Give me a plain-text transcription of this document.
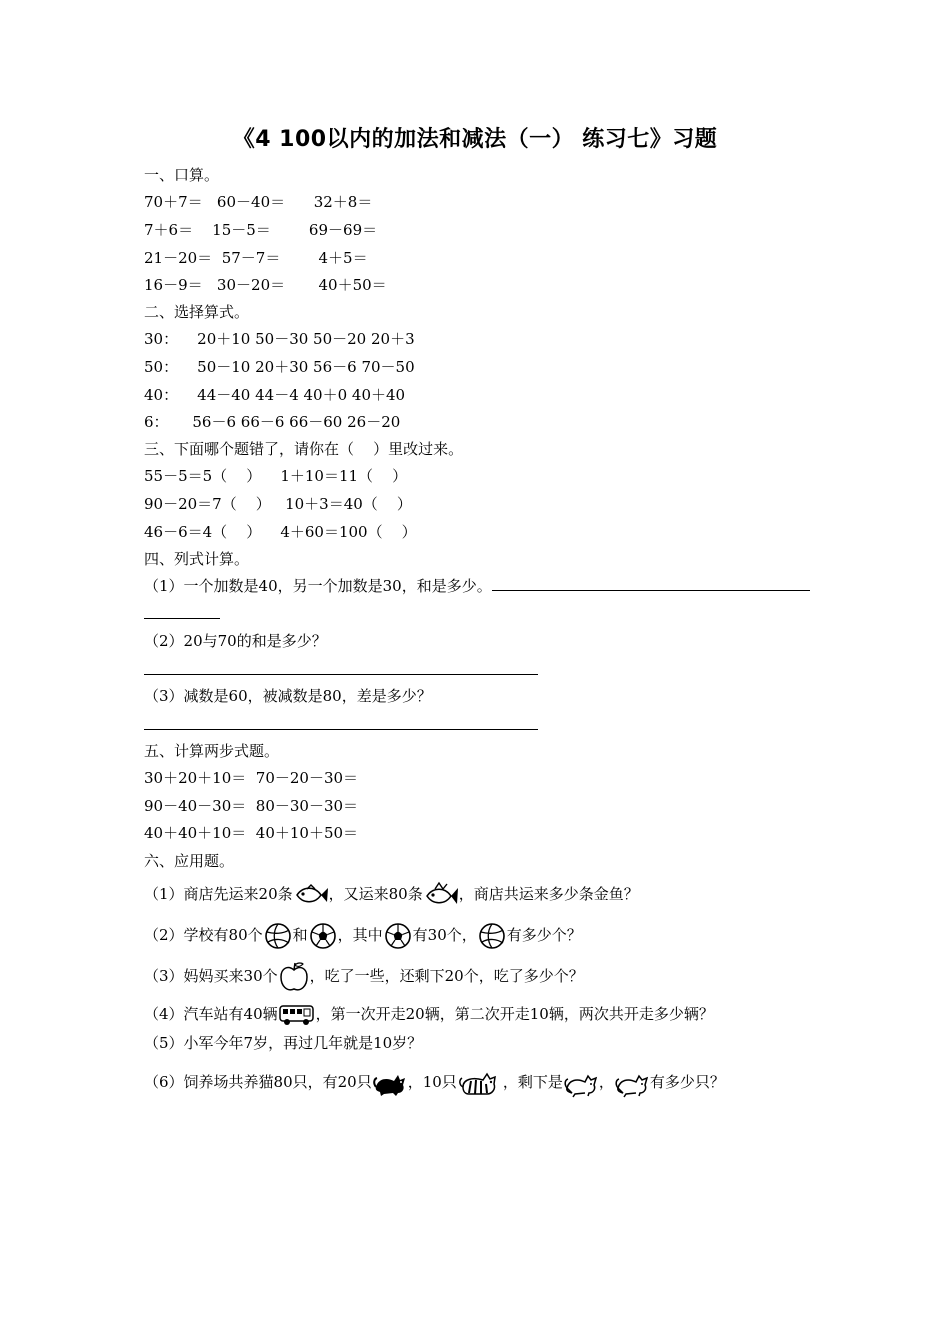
《4 100以内的加法和减法（一） 练习七》习题
一、口算。
70＋7＝   60－40＝      32＋8＝
7＋6＝    15－5＝        69－69＝
21－20＝  57－7＝        4＋5＝
16－9＝   30－20＝       40＋50＝
二、选择算式。
30：    20＋10 50－30 50－20 20＋3
50：    50－10 20＋30 56－6 70－50
40：    44－40 44－4 40＋0 40＋40
6：     56－6 66－6 66－60 26－20
三、下面哪个题错了，请你在（    ）里改过来。
55－5＝5（    ）    1＋10＝11（    ）
90－20＝7（    ）   10＋3＝40（    ）
46－6＝4（    ）    4＋60＝100（    ）
四、列式计算。
（1）一个加数是40，另一个加数是30，和是多少。
（2）20与70的和是多少？
（3）减数是60，被减数是80，差是多少？
五、计算两步式题。
30＋20＋10＝  70－20－30＝
90－40－30＝  80－30－30＝
40＋40＋10＝  40＋10＋50＝
六、应用题。
（1）商店先运来20条 ，又运来80条 ，商店共运来多少条金鱼？
（2）学校有80个 和 ，其中 有30个， 有多少个？
（3）妈妈买来30个 ，吃了一些，还剩下20个，吃了多少个？
（4）汽车站有40辆	，第一次开走20辆，第二次开走10辆，两次共开走多少辆？
（5）小军今年7岁，再过几年就是10岁？
（6）饲养场共养猫80只，有20只 ，10只	，剩下是 ， 有多少只？
